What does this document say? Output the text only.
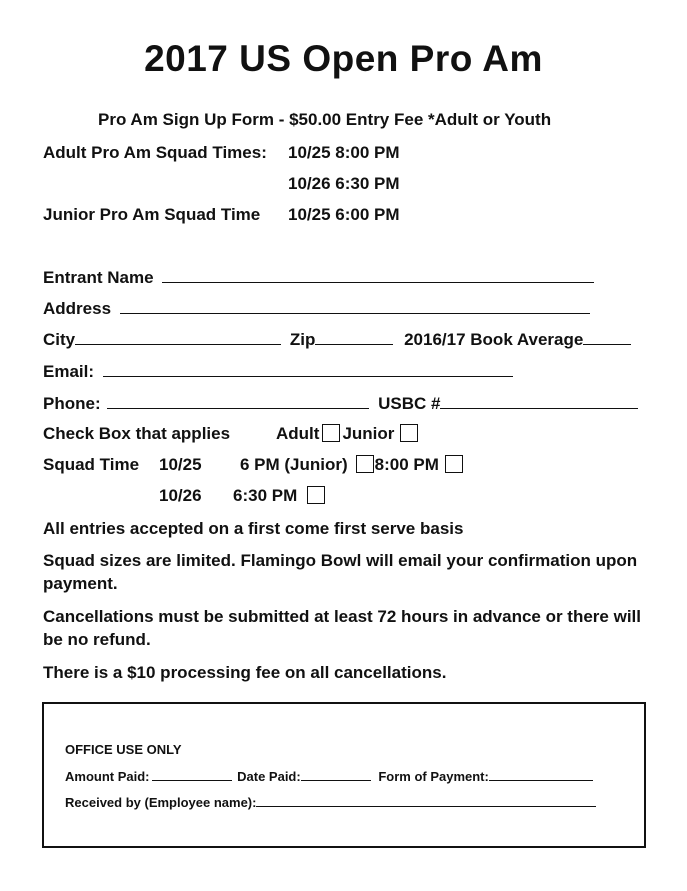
2017 US Open Pro Am
Pro Am Sign Up Form - $50.00 Entry Fee *Adult or Youth
Adult Pro Am Squad Times: 10/25 8:00 PM
10/26 6:30 PM
Junior Pro Am Squad Time 10/25 6:00 PM
Entrant Name
Address
City	Zip	2016/17 Book Average
Email:
Phone:	USBC #
Check Box that applies	Adult Junior
Squad Time 10/25 6 PM (Junior) 8:00 PM
10/26 6:30 PM
All entries accepted on a first come first serve basis
Squad sizes are limited. Flamingo Bowl will email your confirmation upon payment.
Cancellations must be submitted at least 72 hours in advance or there will be no refund.
There is a $10 processing fee on all cancellations.
OFFICE USE ONLY
Amount Paid:	Date Paid:	Form of Payment:
Received by (Employee name):
